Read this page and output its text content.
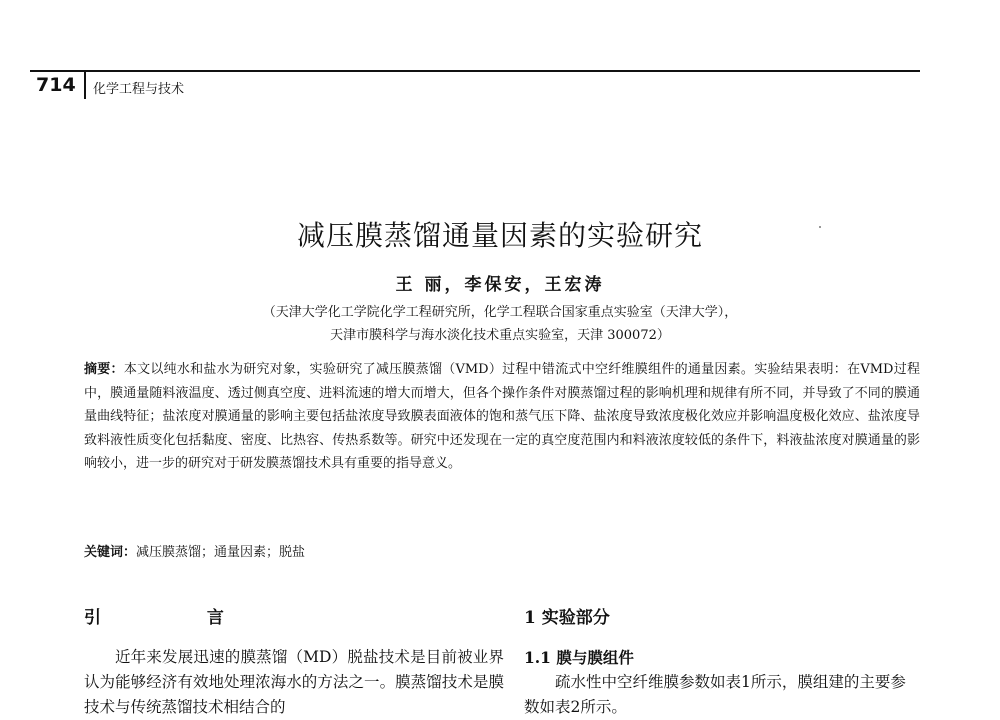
714 化学工程与技术
减压膜蒸馏通量因素的实验研究
王 丽，李保安，王宏涛
（天津大学化工学院化学工程研究所，化学工程联合国家重点实验室（天津大学），
天津市膜科学与海水淡化技术重点实验室，天津 300072）
摘要：本文以纯水和盐水为研究对象，实验研究了减压膜蒸馏（VMD）过程中错流式中空纤维膜组件的通量因素。实验结果表明：在VMD过程中，膜通量随料液温度、透过侧真空度、进料流速的增大而增大，但各个操作条件对膜蒸馏过程的影响机理和规律有所不同，并导致了不同的膜通量曲线特征；盐浓度对膜通量的影响主要包括盐浓度导致膜表面液体的饱和蒸气压下降、盐浓度导致浓度极化效应并影响温度极化效应、盐浓度导致料液性质变化包括黏度、密度、比热容、传热系数等。研究中还发现在一定的真空度范围内和料液浓度较低的条件下，料液盐浓度对膜通量的影响较小，进一步的研究对于研发膜蒸馏技术具有重要的指导意义。
关键词：减压膜蒸馏；通量因素；脱盐
引 言	1 实验部分
近年来发展迅速的膜蒸馏（MD）脱盐技术是目前被业界认为能够经济有效地处理浓海水的方法之一。膜蒸馏技术是膜技术与传统蒸馏技术相结合的
1.1 膜与膜组件
疏水性中空纤维膜参数如表1所示，膜组建的主要参数如表2所示。
